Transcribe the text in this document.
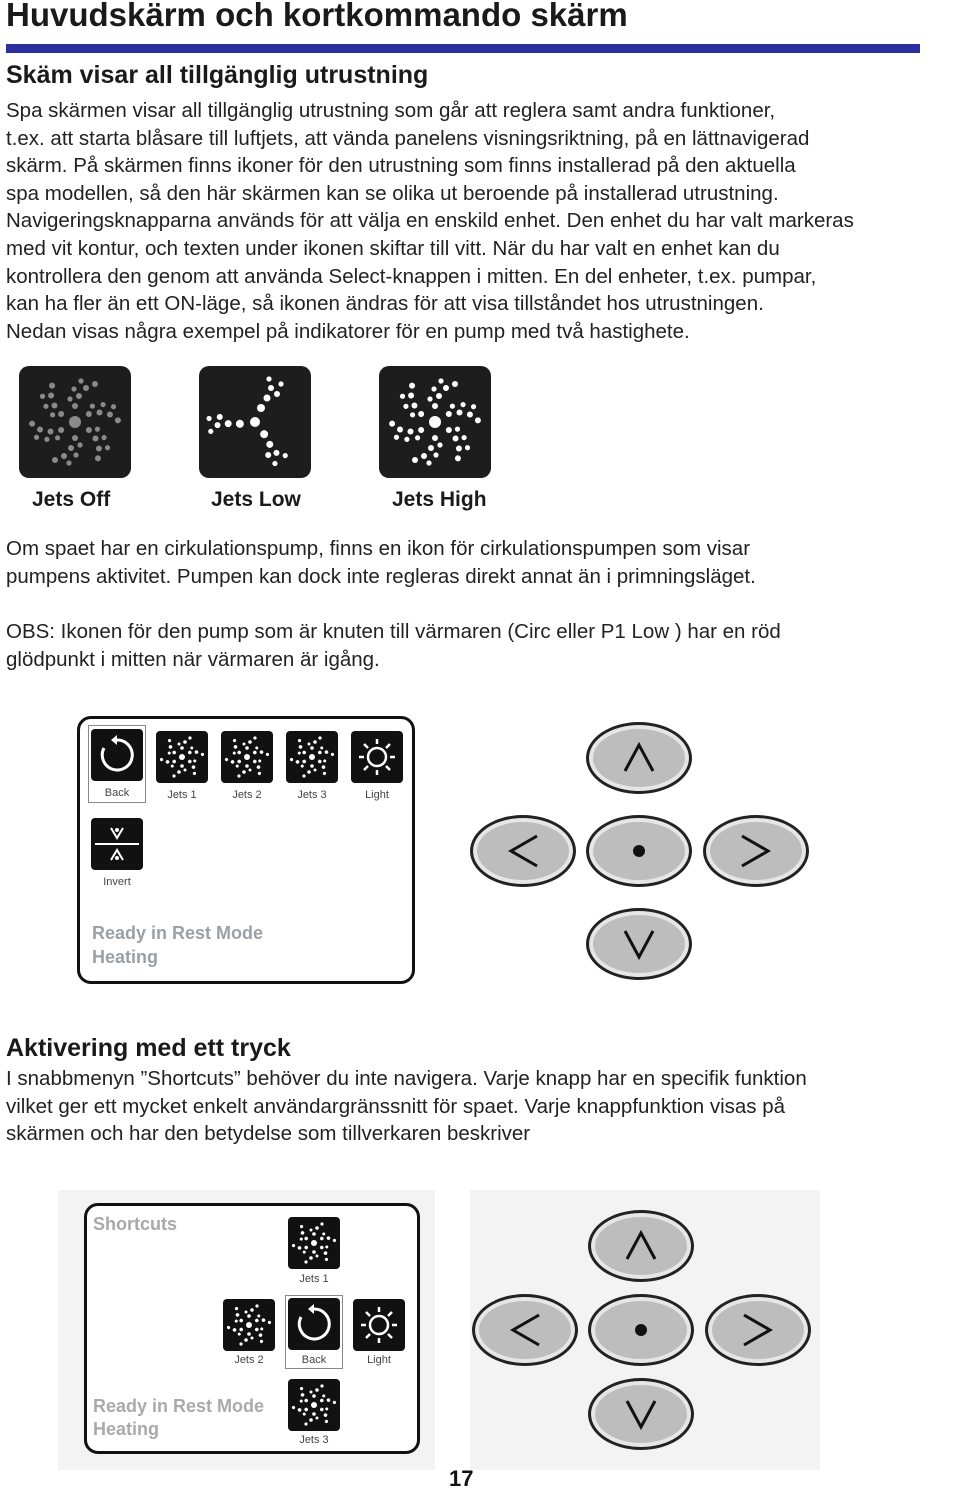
Huvudskärm och kortkommando skärm
Skäm visar all tillgänglig utrustning
Spa skärmen visar all tillgänglig utrustning som går att reglera samt andra funktioner,
t.ex. att starta blåsare till luftjets, att vända panelens visningsriktning, på en lättnavigerad
skärm. På skärmen finns ikoner för den utrustning som finns installerad på den aktuella
spa modellen, så den här skärmen kan se olika ut beroende på installerad utrustning.
Navigeringsknapparna används för att välja en enskild enhet. Den enhet du har valt markeras
med vit kontur, och texten under ikonen skiftar till vitt. När du har valt en enhet kan du
kontrollera den genom att använda Select-knappen i mitten. En del enheter, t.ex. pumpar,
kan ha fler än ett ON-läge, så ikonen ändras för att visa tillståndet hos utrustningen.
Nedan visas några exempel på indikatorer för en pump med två hastighete.
Jets Off	Jets Low	Jets High
Om spaet har en cirkulationspump, finns en ikon för cirkulationspumpen som visar
pumpens aktivitet. Pumpen kan dock inte regleras direkt annat än i primningsläget.
OBS: Ikonen för den pump som är knuten till värmaren (Circ eller P1 Low ) har en röd
glödpunkt i mitten när värmaren är igång.
Back	Jets 1	Jets 2	Jets 3	Light
Invert
Ready in Rest Mode
Heating
Aktivering med ett tryck
I snabbmenyn ”Shortcuts” behöver du inte navigera. Varje knapp har en specifik funktion
vilket ger ett mycket enkelt användargränssnitt för spaet. Varje knappfunktion visas på
skärmen och har den betydelse som tillverkaren beskriver
Shortcuts
Jets 1
Jets 2	Back	Light
Jets 3
Ready in Rest Mode
Heating
17
